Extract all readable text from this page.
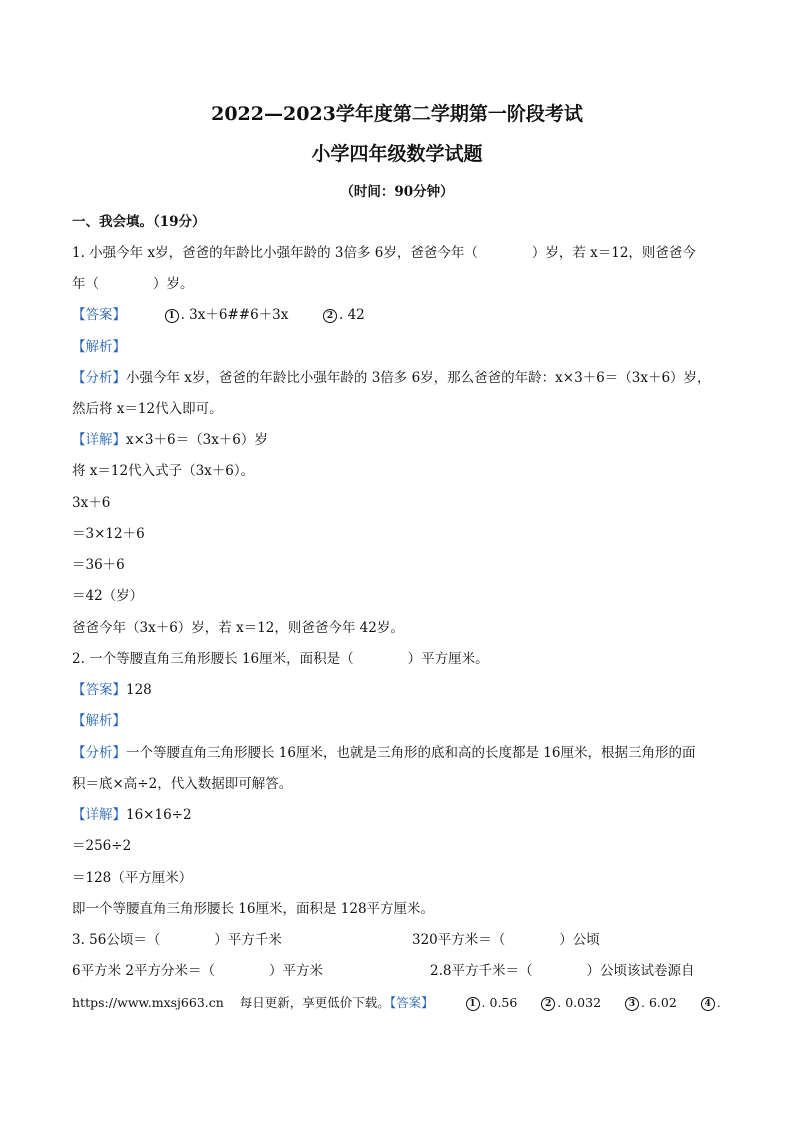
2022—2023学年度第二学期第一阶段考试
小学四年级数学试题
（时间：90分钟）
一、我会填。（19分）
1. 小强今年 x岁，爸爸的年龄比小强年龄的 3倍多 6岁，爸爸今年（　　　　）岁，若 x＝12，则爸爸今
年（　　　　）岁。
【答案】	1 . 3x＋6##6＋3x	2 . 42
【解析】
【分析】小强今年 x岁，爸爸的年龄比小强年龄的 3倍多 6岁，那么爸爸的年龄：x×3＋6＝（3x＋6）岁，
然后将 x＝12代入即可。
【详解】x×3＋6＝（3x＋6）岁
将 x＝12代入式子（3x＋6）。
3x＋6
＝3×12＋6
＝36＋6
＝42（岁）
爸爸今年（3x＋6）岁，若 x＝12，则爸爸今年 42岁。
2. 一个等腰直角三角形腰长 16厘米，面积是（　　　　）平方厘米。
【答案】128
【解析】
【分析】一个等腰直角三角形腰长 16厘米，也就是三角形的底和高的长度都是 16厘米，根据三角形的面
积＝底×高÷2，代入数据即可解答。
【详解】16×16÷2
＝256÷2
＝128（平方厘米）
即一个等腰直角三角形腰长 16厘米，面积是 128平方厘米。
3. 56公顷＝（　　　　）平方千米	320平方米＝（　　　　）公顷
6平方米 2平方分米＝（　　　　）平方米	2.8平方千米＝（　　　　）公顷该试卷源自
https://www.mxsj663.cn 每日更新，享更低价下载。【答案】	1 . 0.56	2 . 0.032	3 . 6.02	4 .
